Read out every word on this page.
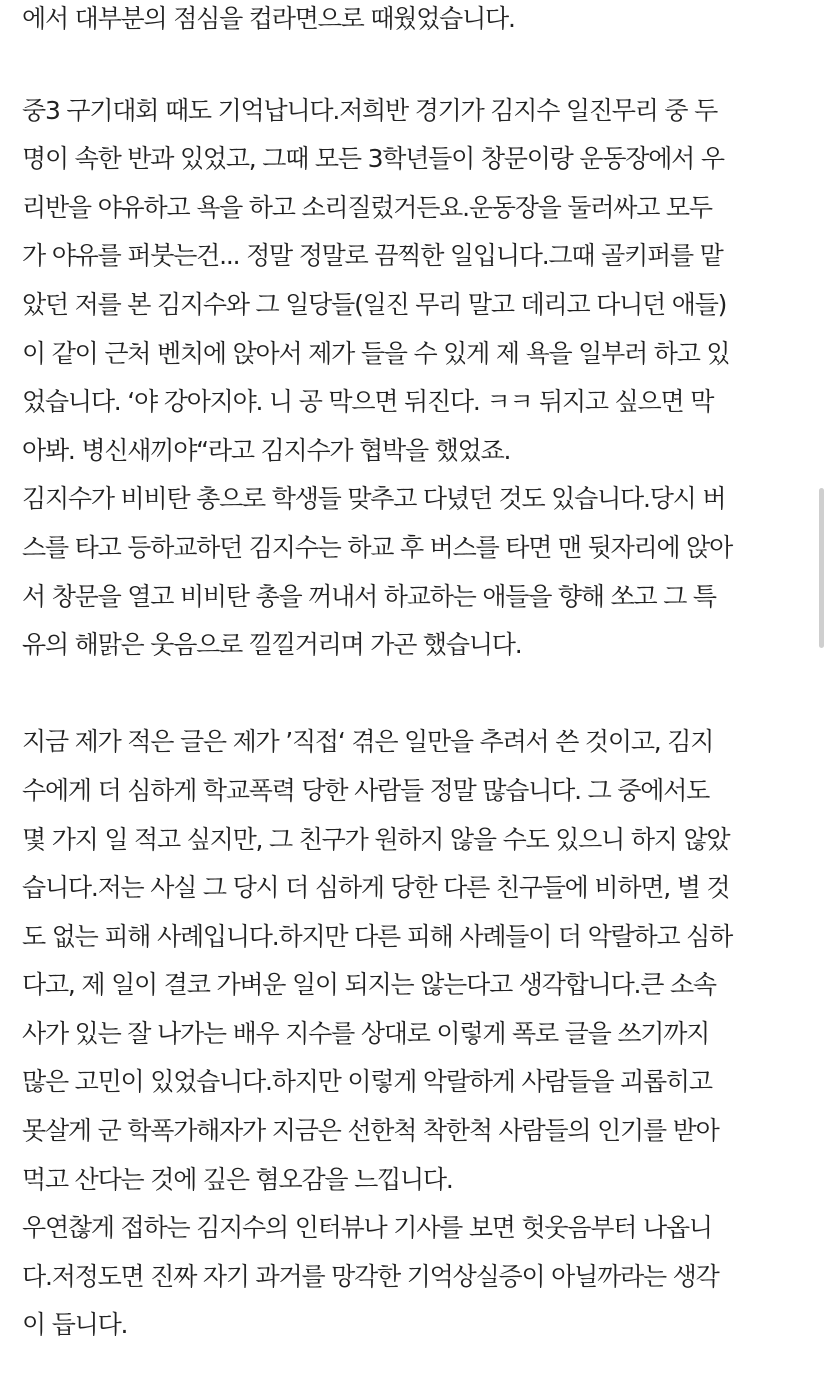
에서 대부분의 점심을 컵라면으로 때웠었습니다.
중3 구기대회 때도 기억납니다.저희반 경기가 김지수 일진무리 중 두
명이 속한 반과 있었고, 그때 모든 3학년들이 창문이랑 운동장에서 우
리반을 야유하고 욕을 하고 소리질렀거든요.운동장을 둘러싸고 모두
가 야유를 퍼붓는건... 정말 정말로 끔찍한 일입니다.그때 골키퍼를 맡
았던 저를 본 김지수와 그 일당들(일진 무리 말고 데리고 다니던 애들)
이 같이 근처 벤치에 앉아서 제가 들을 수 있게 제 욕을 일부러 하고 있
었습니다. ‘야 강아지야. 니 공 막으면 뒤진다. ㅋㅋ 뒤지고 싶으면 막
아봐. 병신새끼야“라고 김지수가 협박을 했었죠.
김지수가 비비탄 총으로 학생들 맞추고 다녔던 것도 있습니다.당시 버
스를 타고 등하교하던 김지수는 하교 후 버스를 타면 맨 뒷자리에 앉아
서 창문을 열고 비비탄 총을 꺼내서 하교하는 애들을 향해 쏘고 그 특
유의 해맑은 웃음으로 낄낄거리며 가곤 했습니다.
지금 제가 적은 글은 제가 ’직접‘ 겪은 일만을 추려서 쓴 것이고, 김지
수에게 더 심하게 학교폭력 당한 사람들 정말 많습니다. 그 중에서도
몇 가지 일 적고 싶지만, 그 친구가 원하지 않을 수도 있으니 하지 않았
습니다.저는 사실 그 당시 더 심하게 당한 다른 친구들에 비하면, 별 것
도 없는 피해 사례입니다.하지만 다른 피해 사례들이 더 악랄하고 심하
다고, 제 일이 결코 가벼운 일이 되지는 않는다고 생각합니다.큰 소속
사가 있는 잘 나가는 배우 지수를 상대로 이렇게 폭로 글을 쓰기까지
많은 고민이 있었습니다.하지만 이렇게 악랄하게 사람들을 괴롭히고
못살게 군 학폭가해자가 지금은 선한척 착한척 사람들의 인기를 받아
먹고 산다는 것에 깊은 혐오감을 느낍니다.
우연찮게 접하는 김지수의 인터뷰나 기사를 보면 헛웃음부터 나옵니
다.저정도면 진짜 자기 과거를 망각한 기억상실증이 아닐까라는 생각
이 듭니다.
